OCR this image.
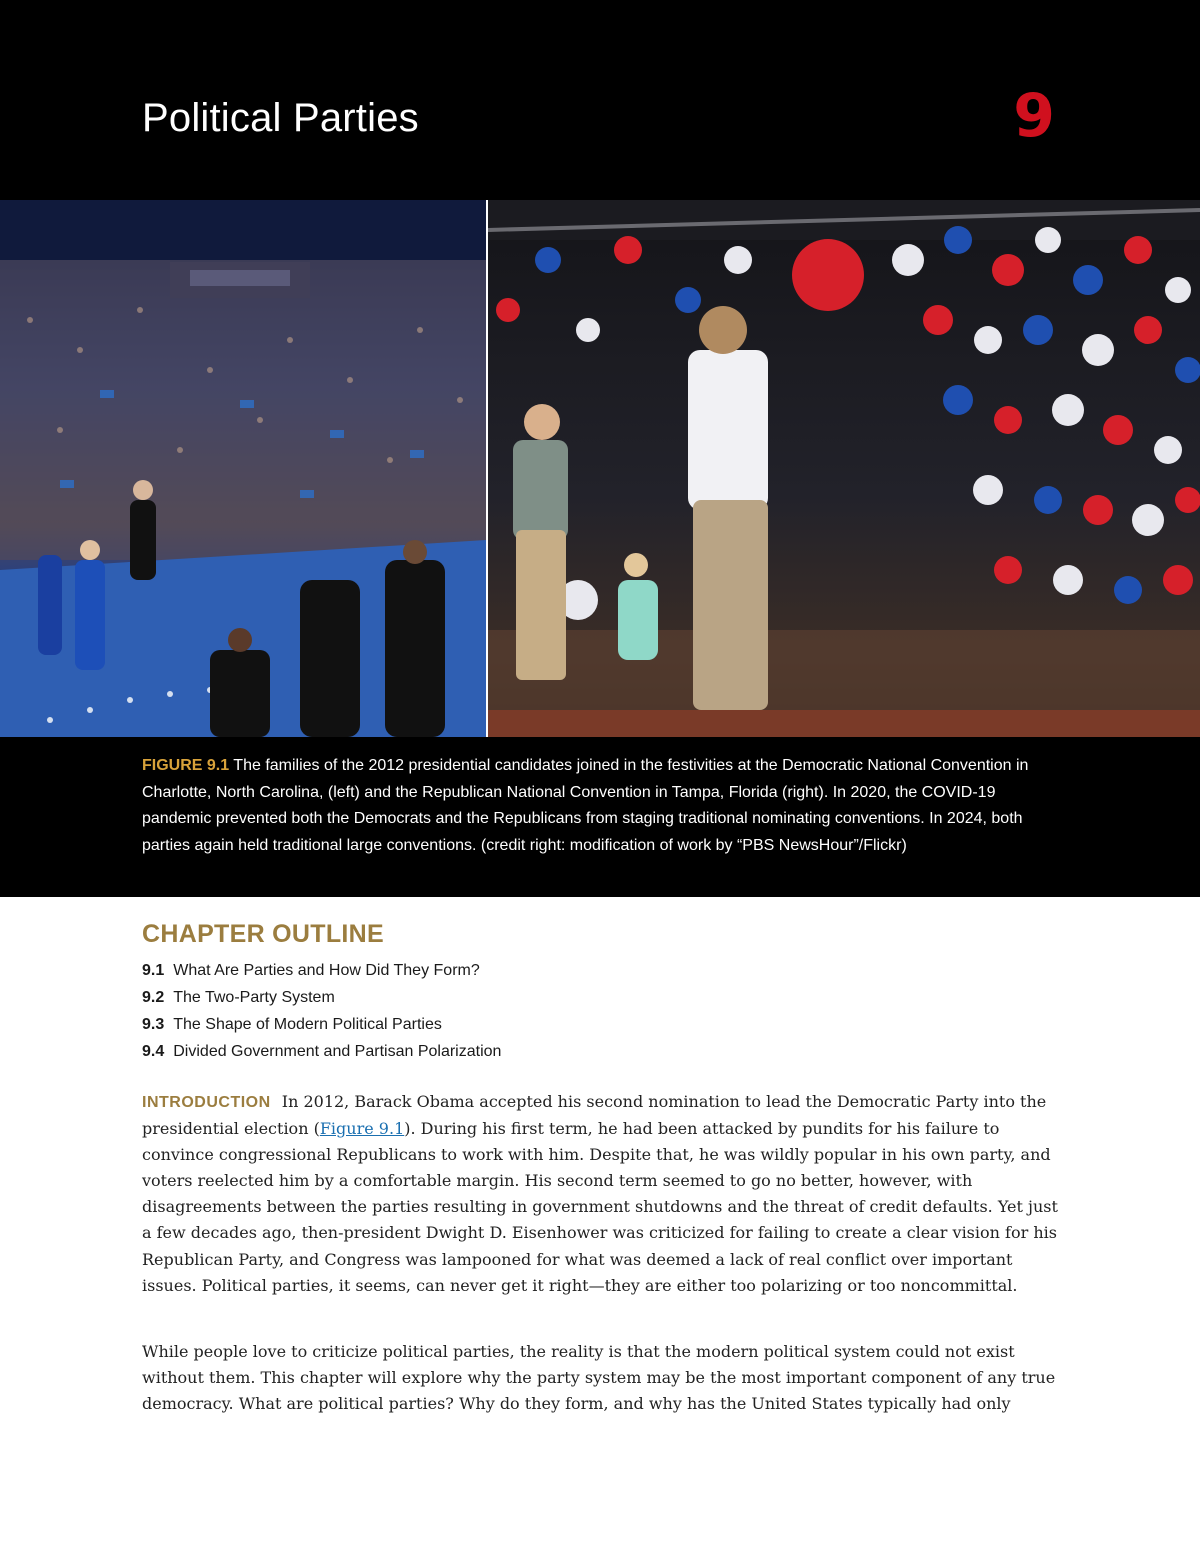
Political Parties	9

FIGURE 9.1 The families of the 2012 presidential candidates joined in the festivities at the Democratic National Convention in Charlotte, North Carolina, (left) and the Republican National Convention in Tampa, Florida (right). In 2020, the COVID-19 pandemic prevented both the Democrats and the Republicans from staging traditional nominating conventions. In 2024, both parties again held traditional large conventions. (credit right: modification of work by “PBS NewsHour”/Flickr)

CHAPTER OUTLINE
9.1 What Are Parties and How Did They Form?
9.2 The Two-Party System
9.3 The Shape of Modern Political Parties
9.4 Divided Government and Partisan Polarization

INTRODUCTION In 2012, Barack Obama accepted his second nomination to lead the Democratic Party into the presidential election (Figure 9.1). During his first term, he had been attacked by pundits for his failure to convince congressional Republicans to work with him. Despite that, he was wildly popular in his own party, and voters reelected him by a comfortable margin. His second term seemed to go no better, however, with disagreements between the parties resulting in government shutdowns and the threat of credit defaults. Yet just a few decades ago, then-president Dwight D. Eisenhower was criticized for failing to create a clear vision for his Republican Party, and Congress was lampooned for what was deemed a lack of real conflict over important issues. Political parties, it seems, can never get it right—they are either too polarizing or too noncommittal.

While people love to criticize political parties, the reality is that the modern political system could not exist without them. This chapter will explore why the party system may be the most important component of any true democracy. What are political parties? Why do they form, and why has the United States typically had only
